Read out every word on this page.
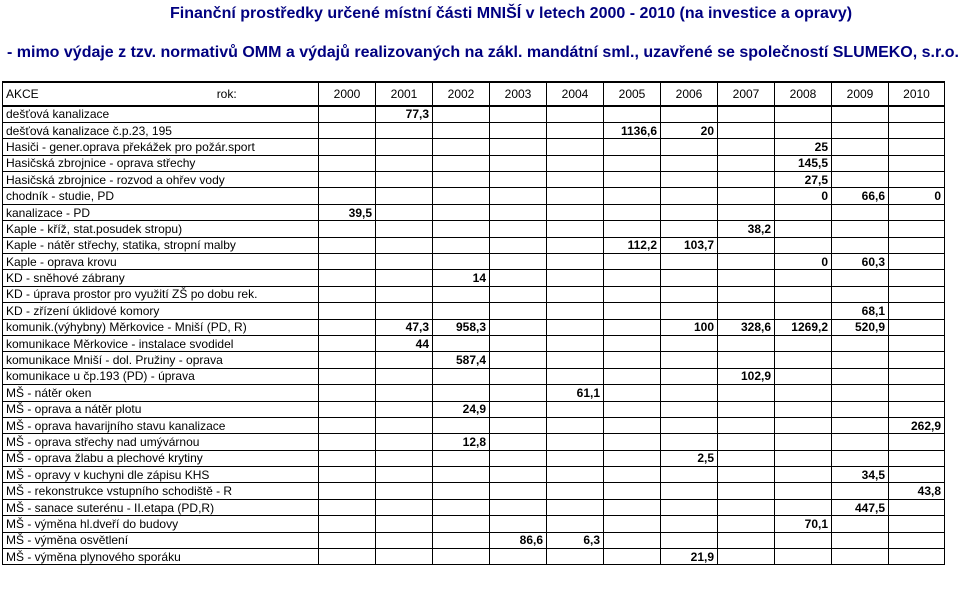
Finanční prostředky určené místní části MNIŠÍ v letech 2000 - 2010 (na investice a opravy)
- mimo výdaje z tzv. normativů OMM a výdajů realizovaných na zákl. mandátní sml., uzavřené se společností SLUMEKO, s.r.o.
AKCE rok:	2000	2001	2002	2003	2004	2005	2006	2007	2008	2009	2010
dešťová kanalizace		77,3									
dešťová kanalizace č.p.23, 195						1136,6	20				
Hasiči - gener.oprava překážek pro požár.sport									25		
Hasičská zbrojnice - oprava střechy									145,5		
Hasičská zbrojnice - rozvod a ohřev vody									27,5		
chodník - studie, PD									0	66,6	0
kanalizace - PD	39,5										
Kaple - kříž, stat.posudek stropu)								38,2			
Kaple - nátěr střechy, statika, stropní malby						112,2	103,7				
Kaple - oprava krovu									0	60,3	
KD - sněhové zábrany			14								
KD - úprava prostor pro využití ZŠ po dobu rek.											
KD - zřízení úklidové komory										68,1	
komunik.(výhybny) Měrkovice - Mniší (PD, R)		47,3	958,3				100	328,6	1269,2	520,9	
komunikace Měrkovice - instalace svodidel		44									
komunikace Mniší - dol. Pružiny - oprava			587,4								
komunikace u čp.193 (PD) - úprava								102,9			
MŠ - nátěr oken					61,1						
MŠ - oprava a nátěr plotu			24,9								
MŠ - oprava havarijního stavu kanalizace											262,9
MŠ - oprava střechy nad umývárnou			12,8								
MŠ - oprava žlabu a plechové krytiny							2,5				
MŠ - opravy v kuchyni dle zápisu KHS										34,5	
MŠ - rekonstrukce vstupního schodiště - R											43,8
MŠ - sanace suterénu - II.etapa (PD,R)										447,5	
MŠ - výměna hl.dveří do budovy									70,1		
MŠ - výměna osvětlení				86,6	6,3						
MŠ - výměna plynového sporáku							21,9				
